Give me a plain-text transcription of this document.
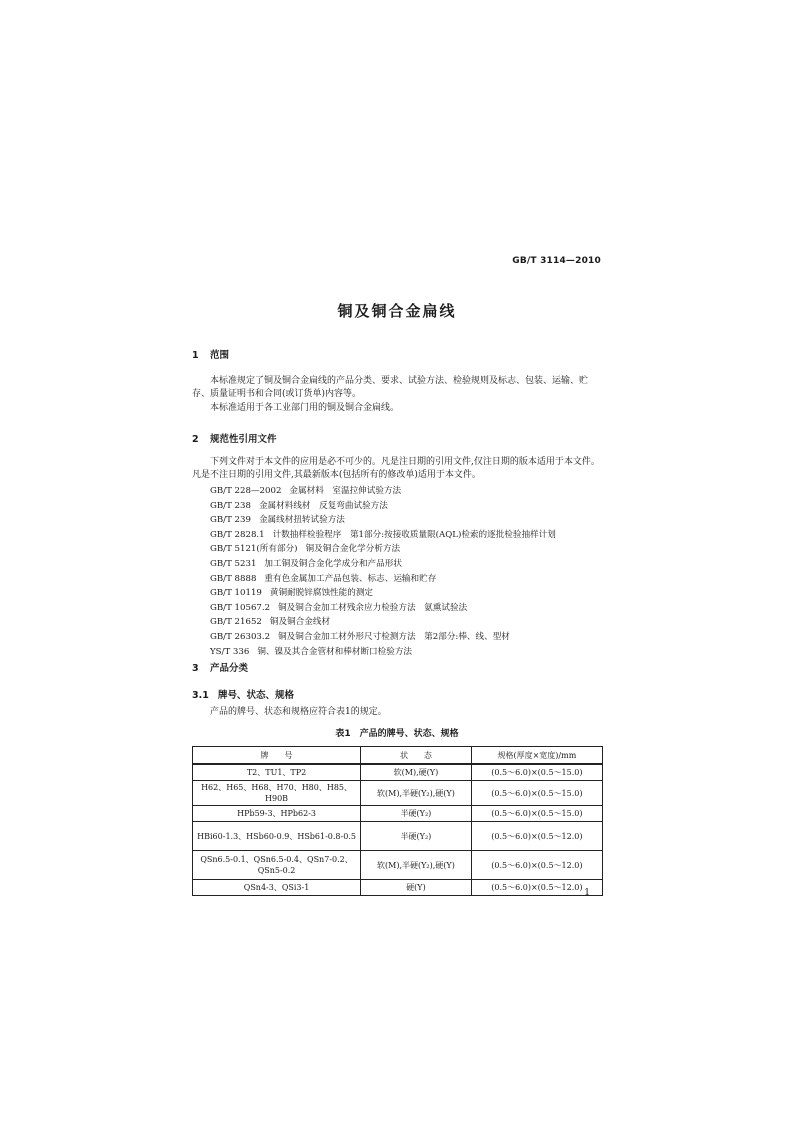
GB/T 3114—2010
铜及铜合金扁线
1 范围
本标准规定了铜及铜合金扁线的产品分类、要求、试验方法、检验规则及标志、包装、运输、贮存、质量证明书和合同(或订货单)内容等。
本标准适用于各工业部门用的铜及铜合金扁线。
2 规范性引用文件
下列文件对于本文件的应用是必不可少的。凡是注日期的引用文件,仅注日期的版本适用于本文件。凡是不注日期的引用文件,其最新版本(包括所有的修改单)适用于本文件。
GB/T 228—2002 金属材料　室温拉伸试验方法
GB/T 238 金属材料线材　反复弯曲试验方法
GB/T 239 金属线材扭转试验方法
GB/T 2828.1 计数抽样检验程序　第1部分:按接收质量限(AQL)检索的逐批检验抽样计划
GB/T 5121(所有部分) 铜及铜合金化学分析方法
GB/T 5231 加工铜及铜合金化学成分和产品形状
GB/T 8888 重有色金属加工产品包装、标志、运输和贮存
GB/T 10119 黄铜耐脱锌腐蚀性能的测定
GB/T 10567.2 铜及铜合金加工材残余应力检验方法　氨熏试验法
GB/T 21652 铜及铜合金线材
GB/T 26303.2 铜及铜合金加工材外形尺寸检测方法　第2部分:棒、线、型材
YS/T 336 铜、镍及其合金管材和棒材断口检验方法
3 产品分类
3.1 牌号、状态、规格
产品的牌号、状态和规格应符合表1的规定。
表1　产品的牌号、状态、规格
牌　　号	状　　态	规格(厚度×宽度)/mm
T2、TU1、TP2	软(M),硬(Y)	(0.5～6.0)×(0.5～15.0)
H62、H65、H68、H70、H80、H85、H90B	软(M),半硬(Y₂),硬(Y)	(0.5～6.0)×(0.5～15.0)
HPb59-3、HPb62-3	半硬(Y₂)	(0.5～6.0)×(0.5～15.0)
HBi60-1.3、HSb60-0.9、HSb61-0.8-0.5	半硬(Y₂)	(0.5～6.0)×(0.5～12.0)
QSn6.5-0.1、QSn6.5-0.4、QSn7-0.2、QSn5-0.2	软(M),半硬(Y₂),硬(Y)	(0.5～6.0)×(0.5～12.0)
QSn4-3、QSi3-1	硬(Y)	(0.5～6.0)×(0.5～12.0)
1
